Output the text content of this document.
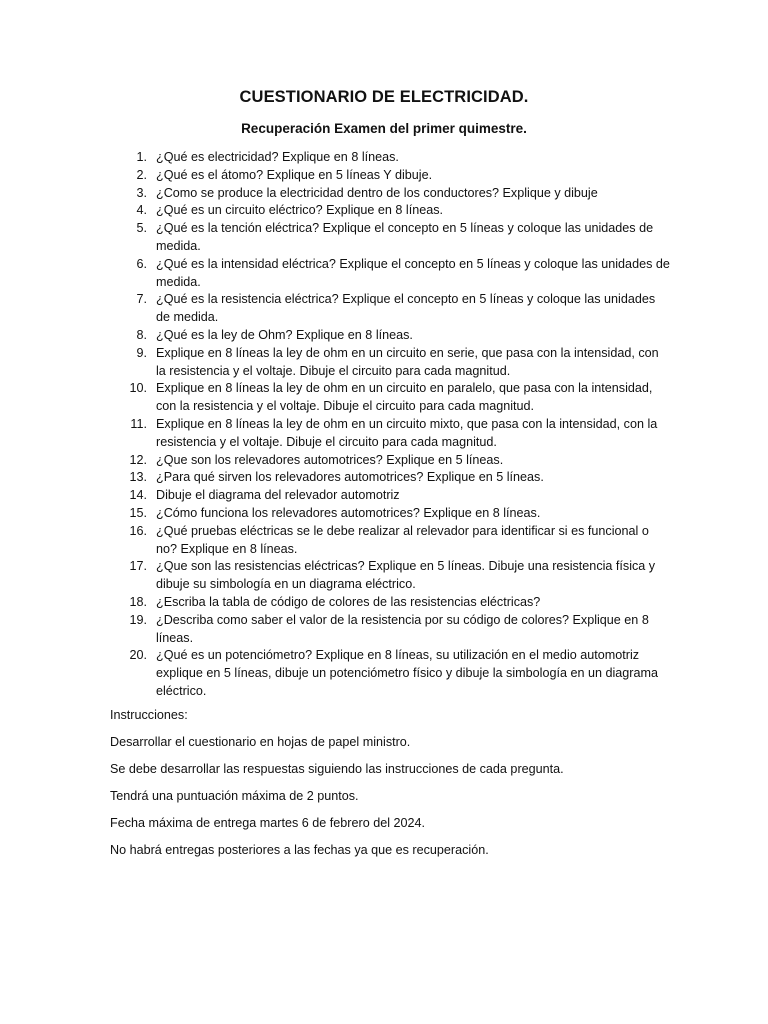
CUESTIONARIO DE ELECTRICIDAD.
Recuperación Examen del primer quimestre.
1. ¿Qué es electricidad? Explique en 8 líneas.
2. ¿Qué es el átomo? Explique en 5 líneas Y dibuje.
3. ¿Como se produce la electricidad dentro de los conductores? Explique y dibuje
4. ¿Qué es un circuito eléctrico? Explique en 8 líneas.
5. ¿Qué es la tención eléctrica? Explique el concepto en 5 líneas y coloque las unidades de medida.
6. ¿Qué es la intensidad eléctrica? Explique el concepto en 5 líneas y coloque las unidades de medida.
7. ¿Qué es la resistencia eléctrica? Explique el concepto en 5 líneas y coloque las unidades de medida.
8. ¿Qué es la ley de Ohm? Explique en 8 líneas.
9. Explique en 8 líneas la ley de ohm en un circuito en serie, que pasa con la intensidad, con la resistencia y el voltaje. Dibuje el circuito para cada magnitud.
10. Explique en 8 líneas la ley de ohm en un circuito en paralelo, que pasa con la intensidad, con la resistencia y el voltaje. Dibuje el circuito para cada magnitud.
11. Explique en 8 líneas la ley de ohm en un circuito mixto, que pasa con la intensidad, con la resistencia y el voltaje. Dibuje el circuito para cada magnitud.
12. ¿Que son los relevadores automotrices? Explique en 5 líneas.
13. ¿Para qué sirven los relevadores automotrices? Explique en 5 líneas.
14. Dibuje el diagrama del relevador automotriz
15. ¿Cómo funciona los relevadores automotrices? Explique en 8 líneas.
16. ¿Qué pruebas eléctricas se le debe realizar al relevador para identificar si es funcional o no? Explique en 8 líneas.
17. ¿Que son las resistencias eléctricas? Explique en 5 líneas. Dibuje una resistencia física y dibuje su simbología en un diagrama eléctrico.
18. ¿Escriba la tabla de código de colores de las resistencias eléctricas?
19. ¿Describa como saber el valor de la resistencia por su código de colores? Explique en 8 líneas.
20. ¿Qué es un potenciómetro? Explique en 8 líneas, su utilización en el medio automotriz explique en 5 líneas, dibuje un potenciómetro físico y dibuje la simbología en un diagrama eléctrico.

Instrucciones:

Desarrollar el cuestionario en hojas de papel ministro.

Se debe desarrollar las respuestas siguiendo las instrucciones de cada pregunta.

Tendrá una puntuación máxima de 2 puntos.

Fecha máxima de entrega martes 6 de febrero del 2024.

No habrá entregas posteriores a las fechas ya que es recuperación.
